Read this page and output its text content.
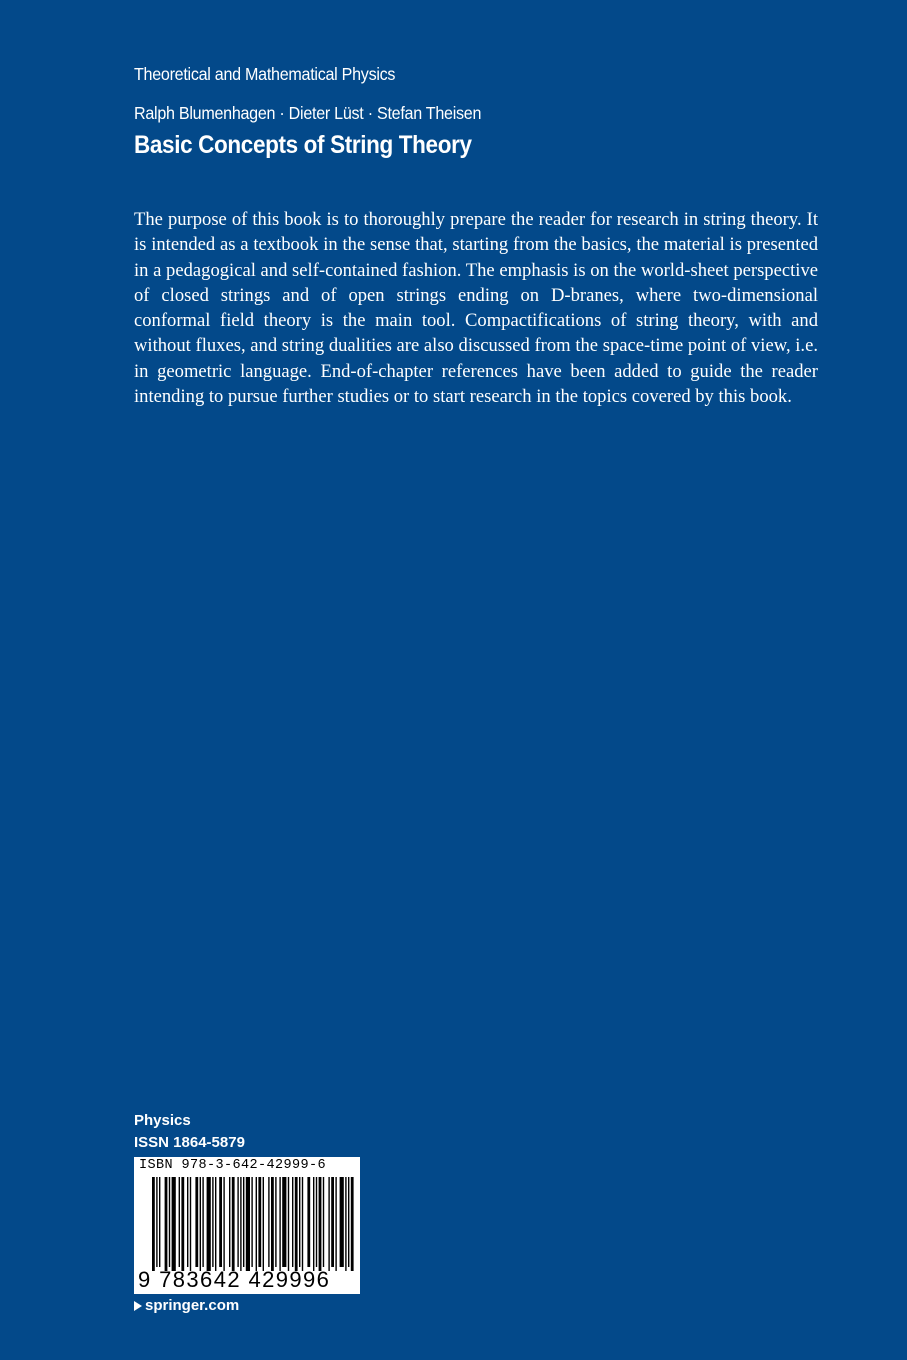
Theoretical and Mathematical Physics
Ralph Blumenhagen · Dieter Lüst · Stefan Theisen
Basic Concepts of String Theory

The purpose of this book is to thoroughly prepare the reader for research in string theory. It is intended as a textbook in the sense that, starting from the basics, the material is presented in a pedagogical and self-contained fashion. The emphasis is on the world-sheet perspective of closed strings and of open strings ending on D-branes, where two-dimensional conformal field theory is the main tool. Compactifications of string theory, with and without fluxes, and string dualities are also discussed from the space-time point of view, i.e. in geometric language. End-of-chapter references have been added to guide the reader intending to pursue further studies or to start research in the topics covered by this book.

Physics
ISSN 1864-5879
ISBN 978-3-642-42999-6
9 783642 429996
springer.com
